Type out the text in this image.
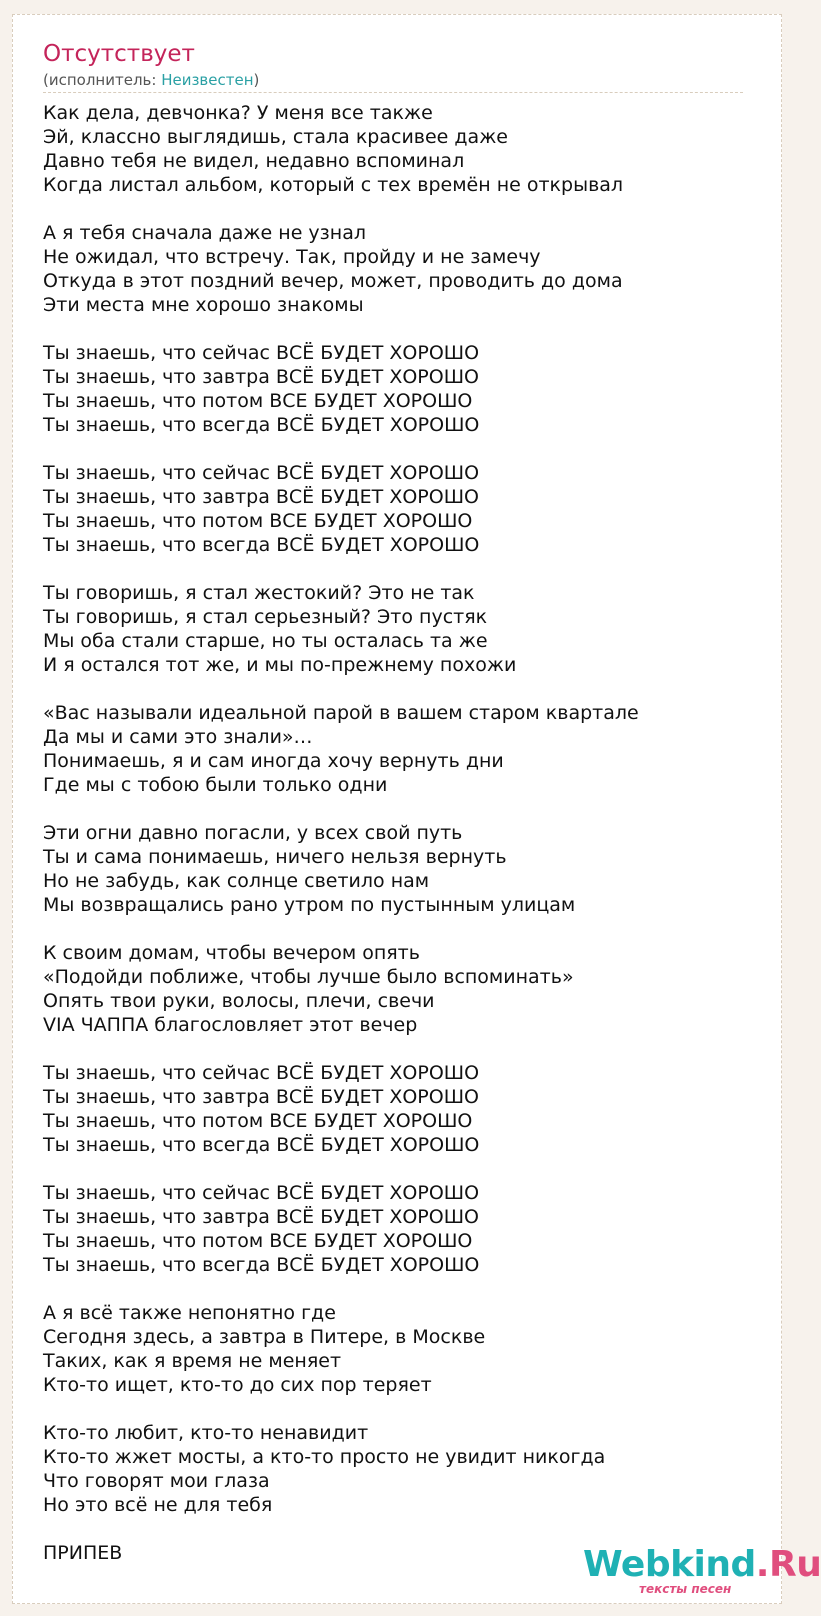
Отсутствует
(исполнитель: Неизвестен)
Как дела, девчонка? У меня все также
Эй, классно выглядишь, стала красивее даже
Давно тебя не видел, недавно вспоминал
Когда листал альбом, который с тех времён не открывал
А я тебя сначала даже не узнал
Не ожидал, что встречу. Так, пройду и не замечу
Откуда в этот поздний вечер, может, проводить до дома
Эти места мне хорошо знакомы
Ты знаешь, что сейчас ВСЁ БУДЕТ ХОРОШО
Ты знаешь, что завтра ВСЁ БУДЕТ ХОРОШО
Ты знаешь, что потом ВСЕ БУДЕТ ХОРОШО
Ты знаешь, что всегда ВСЁ БУДЕТ ХОРОШО
Ты знаешь, что сейчас ВСЁ БУДЕТ ХОРОШО
Ты знаешь, что завтра ВСЁ БУДЕТ ХОРОШО
Ты знаешь, что потом ВСЕ БУДЕТ ХОРОШО
Ты знаешь, что всегда ВСЁ БУДЕТ ХОРОШО
Ты говоришь, я стал жестокий? Это не так
Ты говоришь, я стал серьезный? Это пустяк
Мы оба стали старше, но ты осталась та же
И я остался тот же, и мы по-прежнему похожи
«Вас называли идеальной парой в вашем старом квартале
Да мы и сами это знали»…
Понимаешь, я и сам иногда хочу вернуть дни
Где мы с тобою были только одни
Эти огни давно погасли, у всех свой путь
Ты и сама понимаешь, ничего нельзя вернуть
Но не забудь, как солнце светило нам
Мы возвращались рано утром по пустынным улицам
К своим домам, чтобы вечером опять
«Подойди поближе, чтобы лучше было вспоминать»
Опять твои руки, волосы, плечи, свечи
VIA ЧАППА благословляет этот вечер
Ты знаешь, что сейчас ВСЁ БУДЕТ ХОРОШО
Ты знаешь, что завтра ВСЁ БУДЕТ ХОРОШО
Ты знаешь, что потом ВСЕ БУДЕТ ХОРОШО
Ты знаешь, что всегда ВСЁ БУДЕТ ХОРОШО
Ты знаешь, что сейчас ВСЁ БУДЕТ ХОРОШО
Ты знаешь, что завтра ВСЁ БУДЕТ ХОРОШО
Ты знаешь, что потом ВСЕ БУДЕТ ХОРОШО
Ты знаешь, что всегда ВСЁ БУДЕТ ХОРОШО
А я всё также непонятно где
Сегодня здесь, а завтра в Питере, в Москве
Таких, как я время не меняет
Кто-то ищет, кто-то до сих пор теряет
Кто-то любит, кто-то ненавидит
Кто-то жжет мосты, а кто-то просто не увидит никогда
Что говорят мои глаза
Но это всё не для тебя
ПРИПЕВ	Webkind.Ru
тексты песен
